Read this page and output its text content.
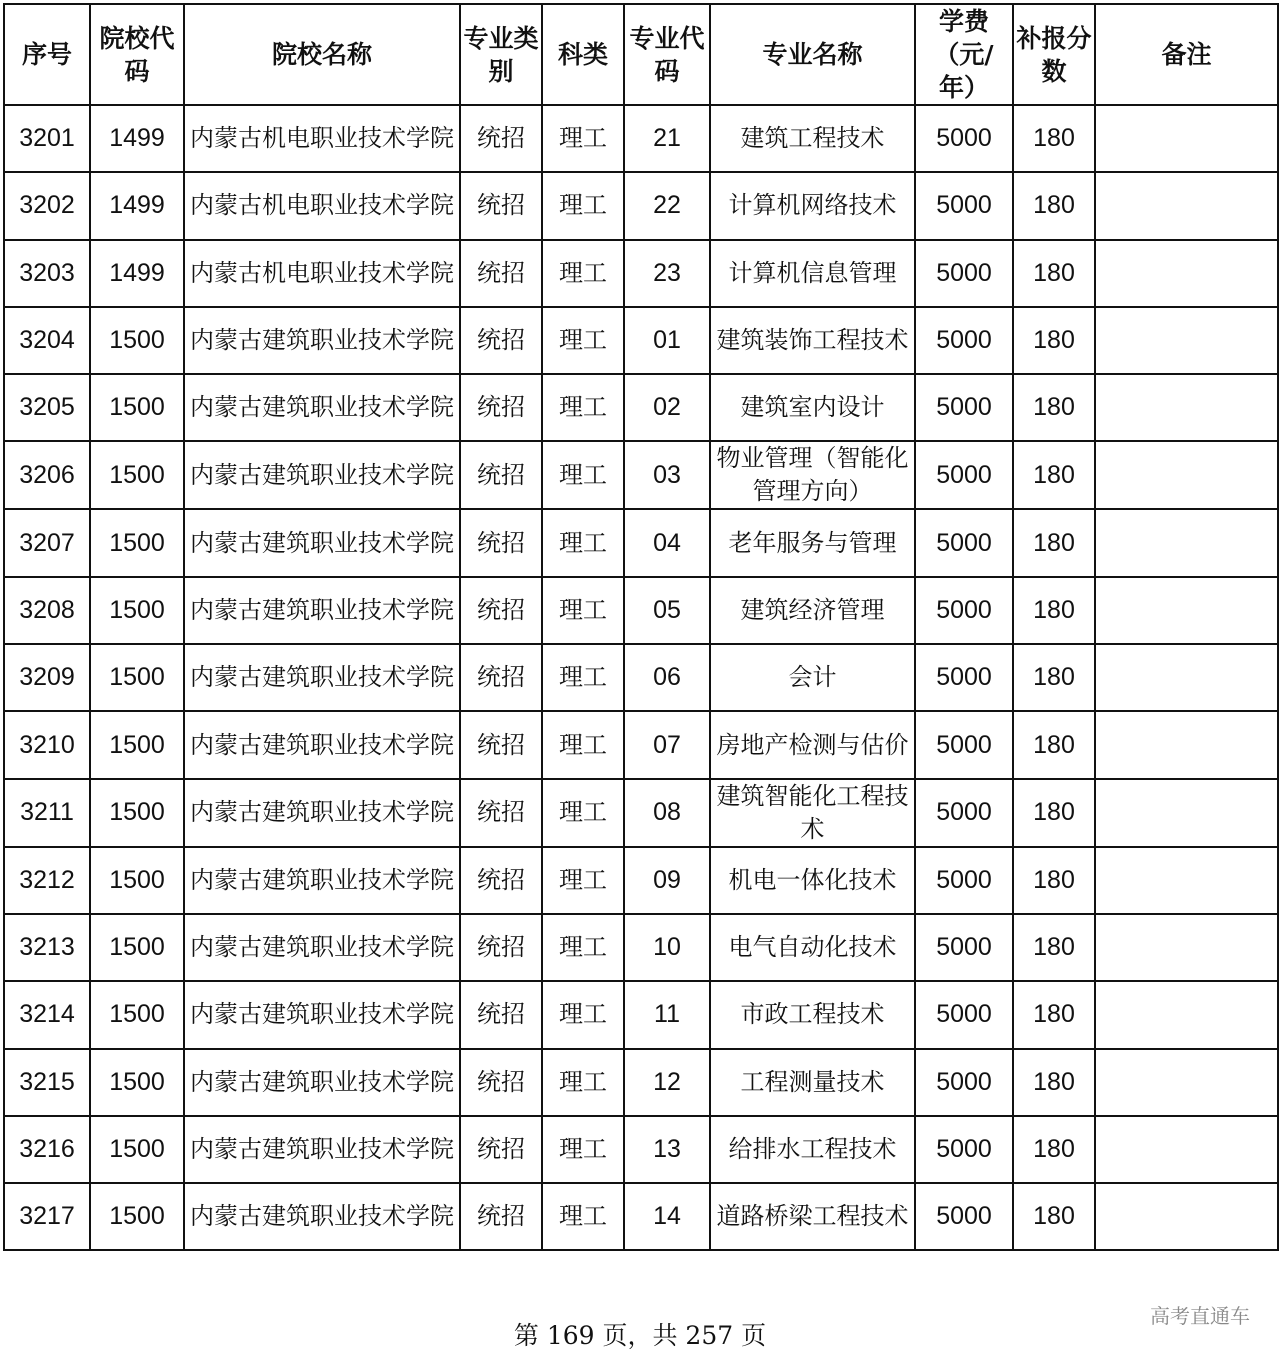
序号	院校代码	院校名称	专业类别	科类	专业代码	专业名称	学费（元/年）	补报分数	备注
3201	1499	内蒙古机电职业技术学院	统招	理工	21	建筑工程技术	5000	180	
3202	1499	内蒙古机电职业技术学院	统招	理工	22	计算机网络技术	5000	180	
3203	1499	内蒙古机电职业技术学院	统招	理工	23	计算机信息管理	5000	180	
3204	1500	内蒙古建筑职业技术学院	统招	理工	01	建筑装饰工程技术	5000	180	
3205	1500	内蒙古建筑职业技术学院	统招	理工	02	建筑室内设计	5000	180	
3206	1500	内蒙古建筑职业技术学院	统招	理工	03	物业管理（智能化管理方向）	5000	180	
3207	1500	内蒙古建筑职业技术学院	统招	理工	04	老年服务与管理	5000	180	
3208	1500	内蒙古建筑职业技术学院	统招	理工	05	建筑经济管理	5000	180	
3209	1500	内蒙古建筑职业技术学院	统招	理工	06	会计	5000	180	
3210	1500	内蒙古建筑职业技术学院	统招	理工	07	房地产检测与估价	5000	180	
3211	1500	内蒙古建筑职业技术学院	统招	理工	08	建筑智能化工程技术	5000	180	
3212	1500	内蒙古建筑职业技术学院	统招	理工	09	机电一体化技术	5000	180	
3213	1500	内蒙古建筑职业技术学院	统招	理工	10	电气自动化技术	5000	180	
3214	1500	内蒙古建筑职业技术学院	统招	理工	11	市政工程技术	5000	180	
3215	1500	内蒙古建筑职业技术学院	统招	理工	12	工程测量技术	5000	180	
3216	1500	内蒙古建筑职业技术学院	统招	理工	13	给排水工程技术	5000	180	
3217	1500	内蒙古建筑职业技术学院	统招	理工	14	道路桥梁工程技术	5000	180	
第 169 页，共 257 页
高考直通车
